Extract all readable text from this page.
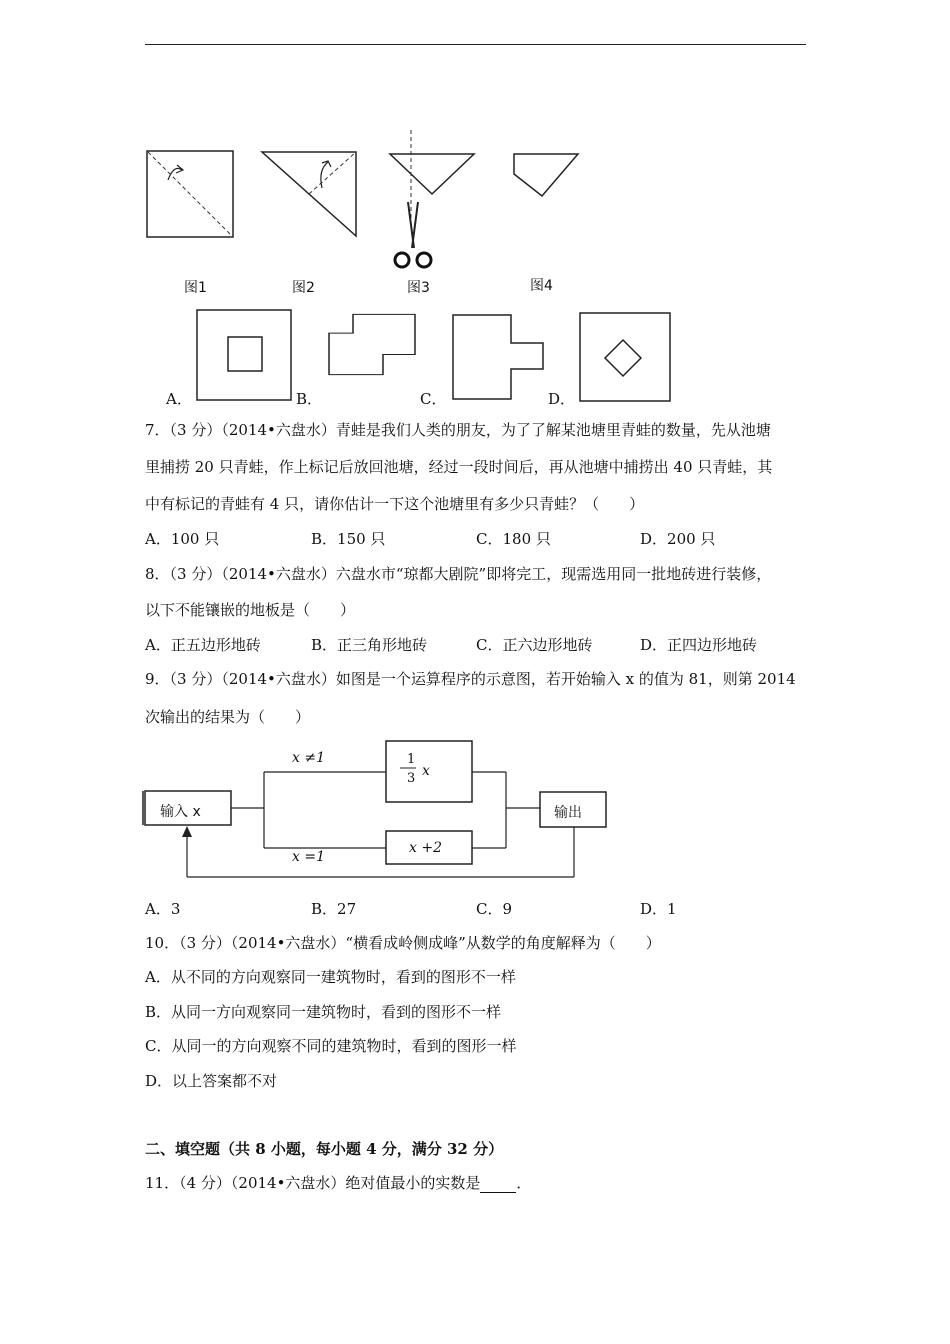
图1	图2	图3	图4
A．	B．	C．	D．
7．（3 分）（2014•六盘水）青蛙是我们人类的朋友，为了了解某池塘里青蛙的数量，先从池塘
里捕捞 20 只青蛙，作上标记后放回池塘，经过一段时间后，再从池塘中捕捞出 40 只青蛙，其
中有标记的青蛙有 4 只，请你估计一下这个池塘里有多少只青蛙？（　　）
A．100 只	B．150 只	C．180 只	D．200 只
8．（3 分）（2014•六盘水）六盘水市“琼都大剧院”即将完工，现需选用同一批地砖进行装修，
以下不能镶嵌的地板是（　　）
A．正五边形地砖	B．正三角形地砖	C．正六边形地砖	D．正四边形地砖
9．（3 分）（2014•六盘水）如图是一个运算程序的示意图，若开始输入 x 的值为 81，则第 2014
次输出的结果为（　　）
输入 x	输出
x ≠1
x =1
1
3 x
x +2
A．3	B．27	C．9	D．1
10．（3 分）（2014•六盘水）“横看成岭侧成峰”从数学的角度解释为（　　）
A．从不同的方向观察同一建筑物时，看到的图形不一样
B．从同一方向观察同一建筑物时，看到的图形不一样
C．从同一的方向观察不同的建筑物时，看到的图形一样
D．以上答案都不对
二、填空题（共 8 小题，每小题 4 分，满分 32 分）
11．（4 分）（2014•六盘水）绝对值最小的实数是 ．
